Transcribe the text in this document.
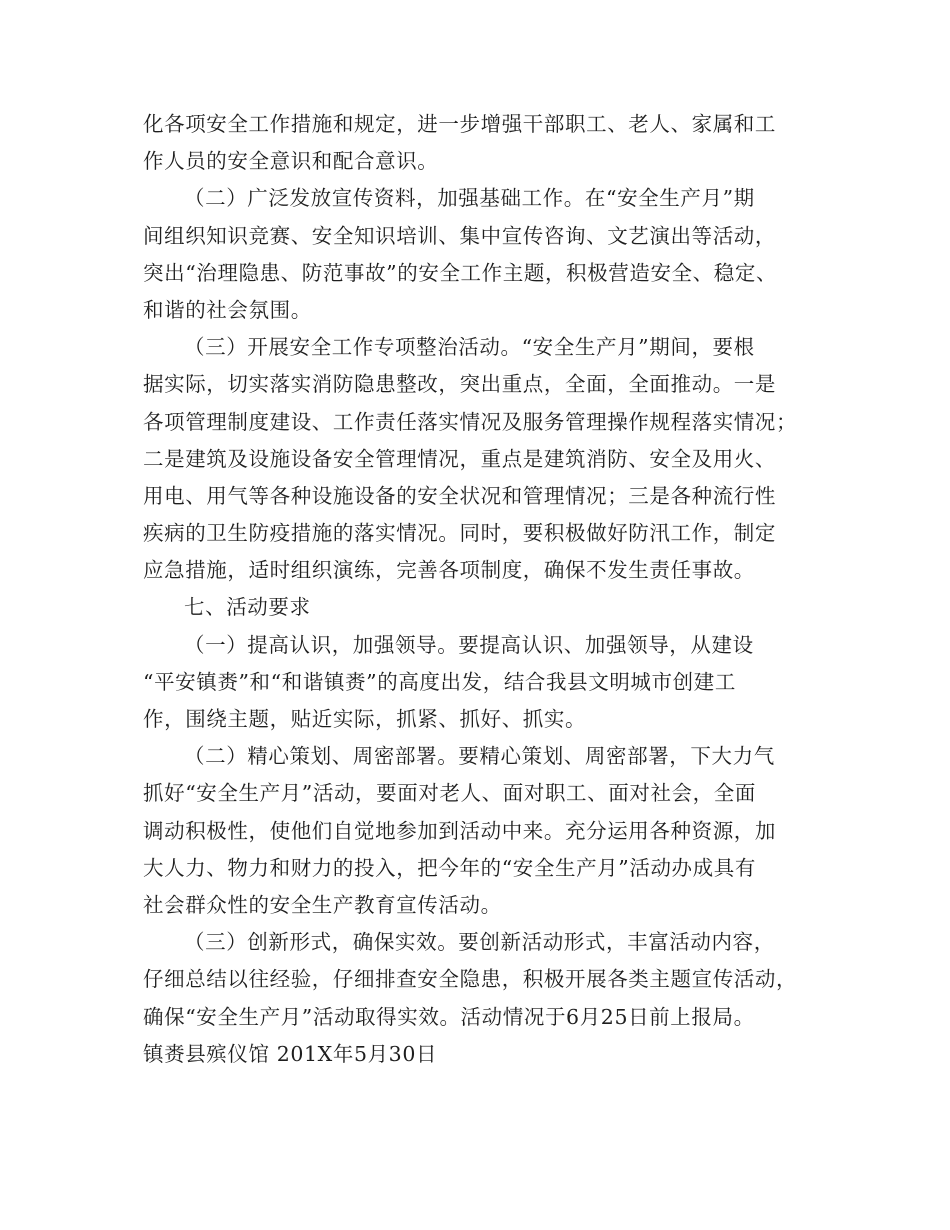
化各项安全工作措施和规定，进一步增强干部职工、老人、家属和工
作人员的安全意识和配合意识。
（二）广泛发放宣传资料，加强基础工作。在“安全生产月”期
间组织知识竞赛、安全知识培训、集中宣传咨询、文艺演出等活动，
突出“治理隐患、防范事故”的安全工作主题，积极营造安全、稳定、
和谐的社会氛围。
（三）开展安全工作专项整治活动。“安全生产月”期间，要根
据实际，切实落实消防隐患整改，突出重点，全面，全面推动。一是
各项管理制度建设、工作责任落实情况及服务管理操作规程落实情况；
二是建筑及设施设备安全管理情况，重点是建筑消防、安全及用火、
用电、用气等各种设施设备的安全状况和管理情况；三是各种流行性
疾病的卫生防疫措施的落实情况。同时，要积极做好防汛工作，制定
应急措施，适时组织演练，完善各项制度，确保不发生责任事故。
七、活动要求
（一）提高认识，加强领导。要提高认识、加强领导，从建设
“平安镇赉”和“和谐镇赉”的高度出发，结合我县文明城市创建工
作，围绕主题，贴近实际，抓紧、抓好、抓实。
（二）精心策划、周密部署。要精心策划、周密部署，下大力气
抓好“安全生产月”活动，要面对老人、面对职工、面对社会，全面
调动积极性，使他们自觉地参加到活动中来。充分运用各种资源，加
大人力、物力和财力的投入，把今年的“安全生产月”活动办成具有
社会群众性的安全生产教育宣传活动。
（三）创新形式，确保实效。要创新活动形式，丰富活动内容，
仔细总结以往经验，仔细排查安全隐患，积极开展各类主题宣传活动，
确保“安全生产月”活动取得实效。活动情况于6月25日前上报局。
镇赉县殡仪馆 201X年5月30日
